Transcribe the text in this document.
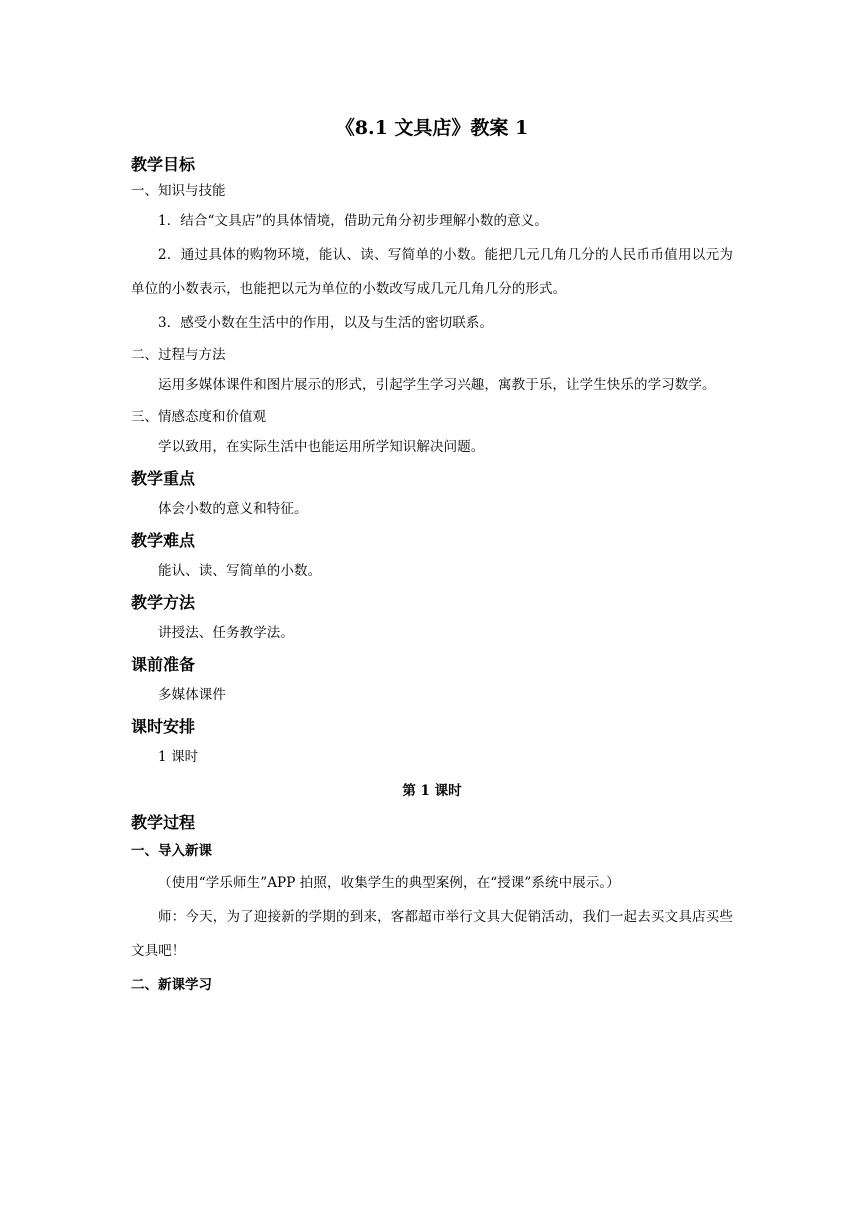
《8.1 文具店》教案 1
教学目标
一、知识与技能

1．结合“文具店”的具体情境，借助元角分初步理解小数的意义。

2．通过具体的购物环境，能认、读、写简单的小数。能把几元几角几分的人民币币值用以元为单位的小数表示，也能把以元为单位的小数改写成几元几角几分的形式。

3．感受小数在生活中的作用，以及与生活的密切联系。

二、过程与方法

运用多媒体课件和图片展示的形式，引起学生学习兴趣，寓教于乐，让学生快乐的学习数学。

三、情感态度和价值观

学以致用，在实际生活中也能运用所学知识解决问题。

教学重点

体会小数的意义和特征。

教学难点

能认、读、写简单的小数。

教学方法

讲授法、任务教学法。

课前准备

多媒体课件

课时安排

1 课时

第 1 课时
教学过程
一、导入新课

（使用“学乐师生”APP 拍照，收集学生的典型案例，在“授课”系统中展示。）

师：今天，为了迎接新的学期的到来，客都超市举行文具大促销活动，我们一起去买文具店买些文具吧！

二、新课学习
